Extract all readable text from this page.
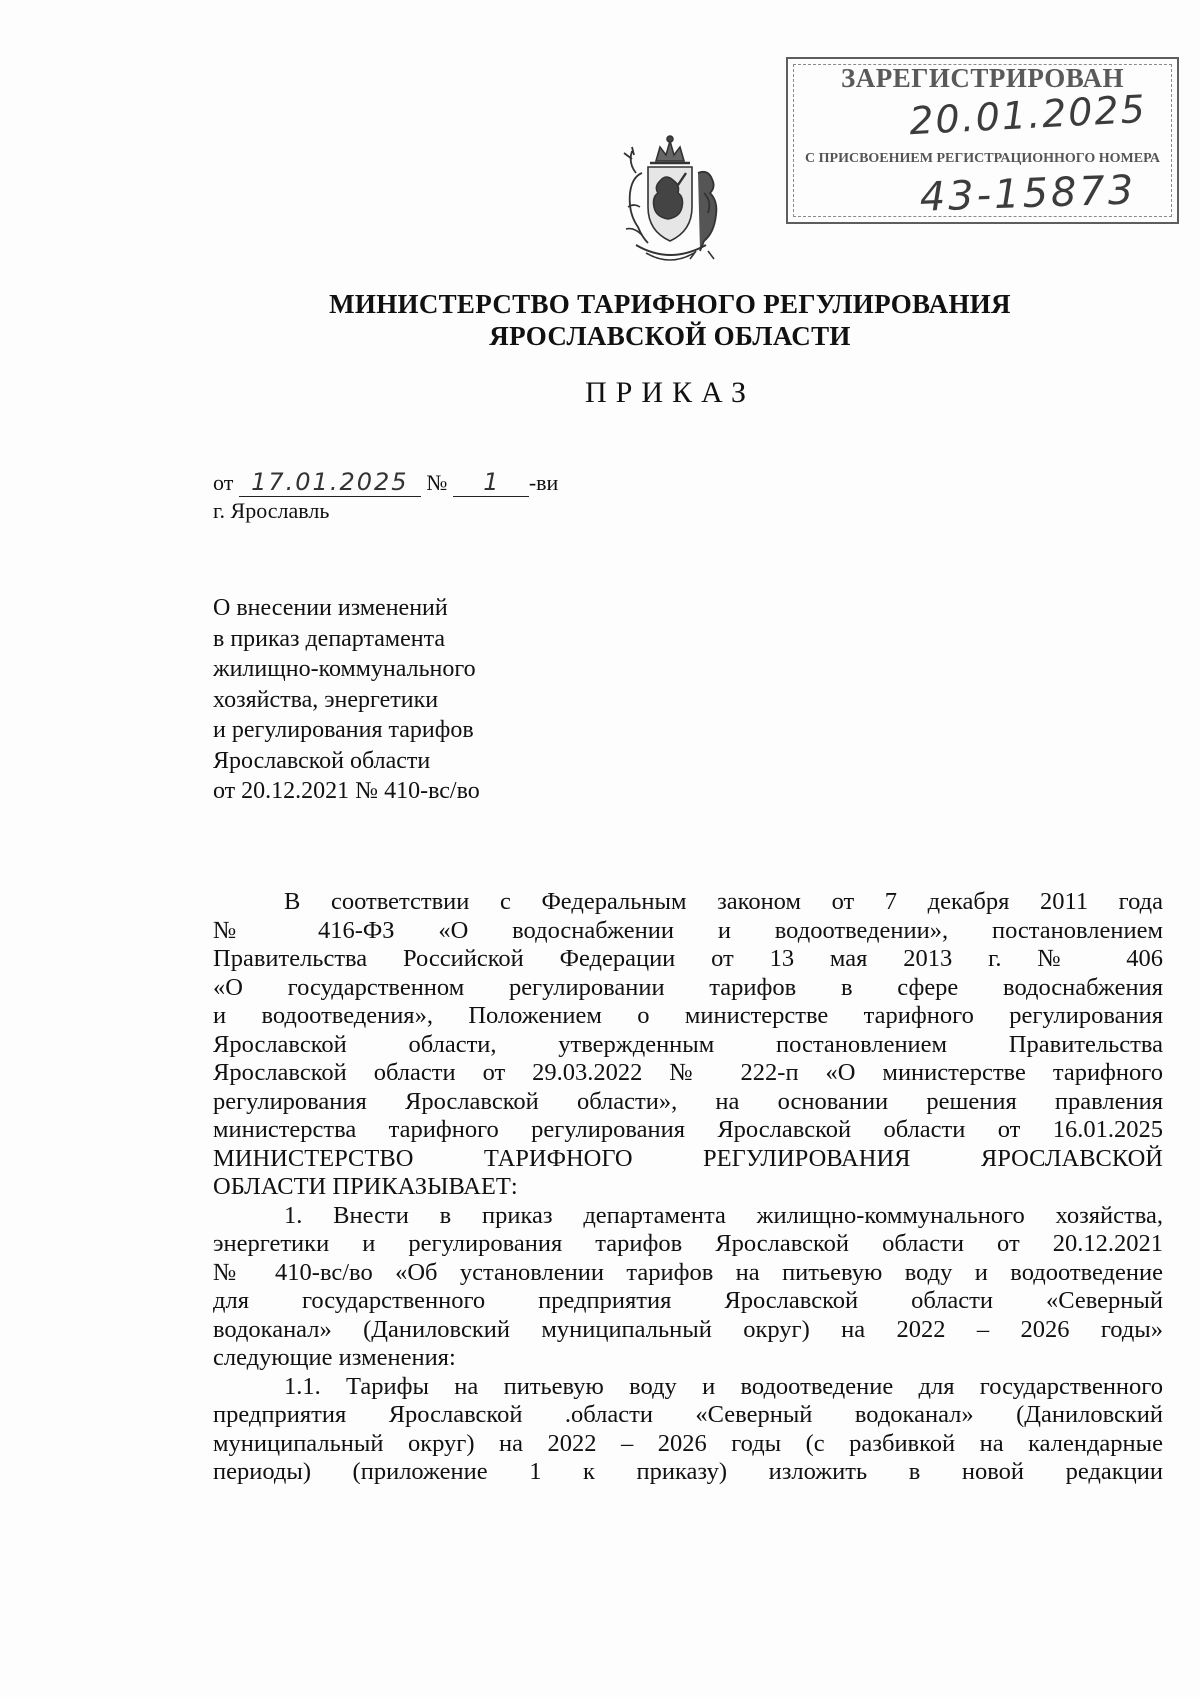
ЗАРЕГИСТРИРОВАН
20.01.2025
С ПРИСВОЕНИЕМ РЕГИСТРАЦИОННОГО НОМЕРА
43-15873
МИНИСТЕРСТВО ТАРИФНОГО РЕГУЛИРОВАНИЯ
ЯРОСЛАВСКОЙ ОБЛАСТИ
ПРИКАЗ
от 17.01.2025 № 1 -ви
г. Ярославль
О внесении изменений
в приказ департамента
жилищно-коммунального
хозяйства, энергетики
и регулирования тарифов
Ярославской области
от 20.12.2021 № 410-вс/во
В соответствии с Федеральным законом от 7 декабря 2011 года
№ 416-ФЗ «О водоснабжении и водоотведении», постановлением
Правительства Российской Федерации от 13 мая 2013 г. № 406
«О государственном регулировании тарифов в сфере водоснабжения
и водоотведения», Положением о министерстве тарифного регулирования
Ярославской области, утвержденным постановлением Правительства
Ярославской области от 29.03.2022 № 222-п «О министерстве тарифного
регулирования Ярославской области», на основании решения правления
министерства тарифного регулирования Ярославской области от 16.01.2025
МИНИСТЕРСТВО ТАРИФНОГО РЕГУЛИРОВАНИЯ ЯРОСЛАВСКОЙ
ОБЛАСТИ ПРИКАЗЫВАЕТ:
1. Внести в приказ департамента жилищно-коммунального хозяйства,
энергетики и регулирования тарифов Ярославской области от 20.12.2021
№ 410-вс/во «Об установлении тарифов на питьевую воду и водоотведение
для государственного предприятия Ярославской области «Северный
водоканал» (Даниловский муниципальный округ) на 2022 – 2026 годы»
следующие изменения:
1.1. Тарифы на питьевую воду и водоотведение для государственного
предприятия Ярославской .области «Северный водоканал» (Даниловский
муниципальный округ) на 2022 – 2026 годы (с разбивкой на календарные
периоды) (приложение 1 к приказу) изложить в новой редакции
